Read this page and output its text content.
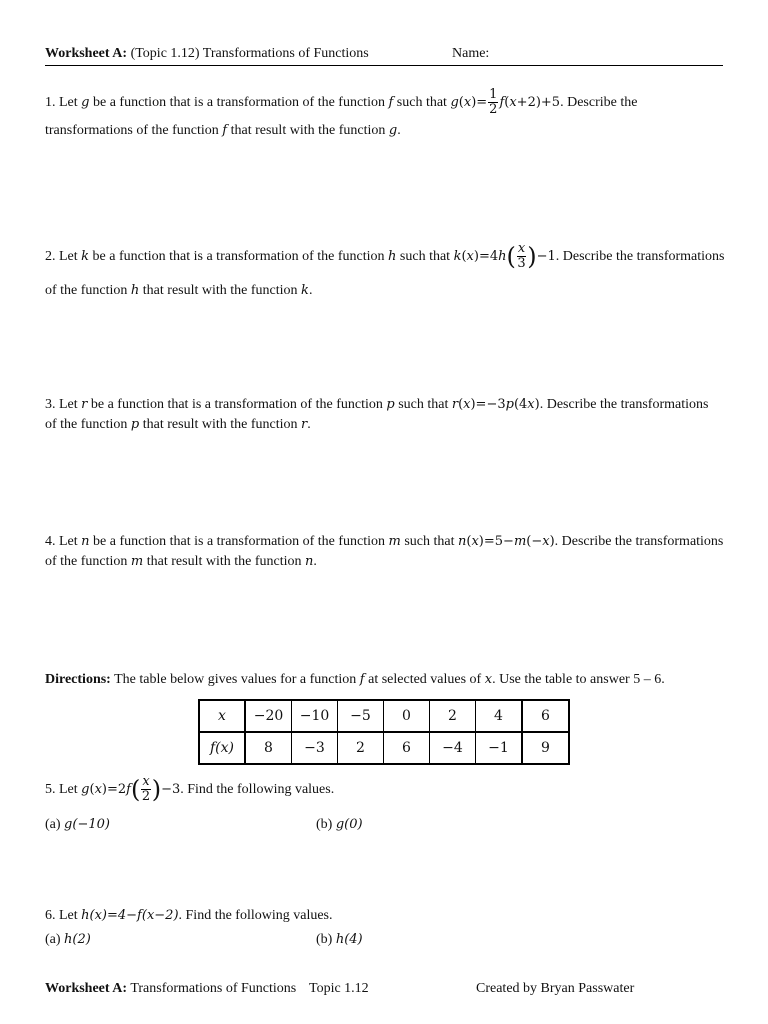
Worksheet A: (Topic 1.12) Transformations of Functions	Name:
1. Let g be a function that is a transformation of the function f such that $g(x)= \frac{1}{2} f(x+2)+5$. Describe the
transformations of the function f that result with the function g.
2. Let k be a function that is a transformation of the function h such that $k(x)=4h( \frac{x}{3} )-1$. Describe the transformations
of the function h that result with the function k.
3. Let r be a function that is a transformation of the function p such that r(x)=−3p(4x). Describe the transformations
of the function p that result with the function r.
4. Let n be a function that is a transformation of the function m such that n(x)=5−m(−x). Describe the transformations
of the function m that result with the function n.
Directions: The table below gives values for a function f at selected values of x. Use the table to answer 5 – 6.
x	−20	−10	−5	0	2	4	6
f(x)	8	−3	2	6	−4	−1	9
5. Let $g(x)=2f( \frac{x}{2} )-3$. Find the following values.
(a) g(−10)	(b) g(0)
6. Let h(x)=4−f(x−2). Find the following values.
(a) h(2)	(b) h(4)
Worksheet A: Transformations of Functions Topic 1.12	Created by Bryan Passwater
